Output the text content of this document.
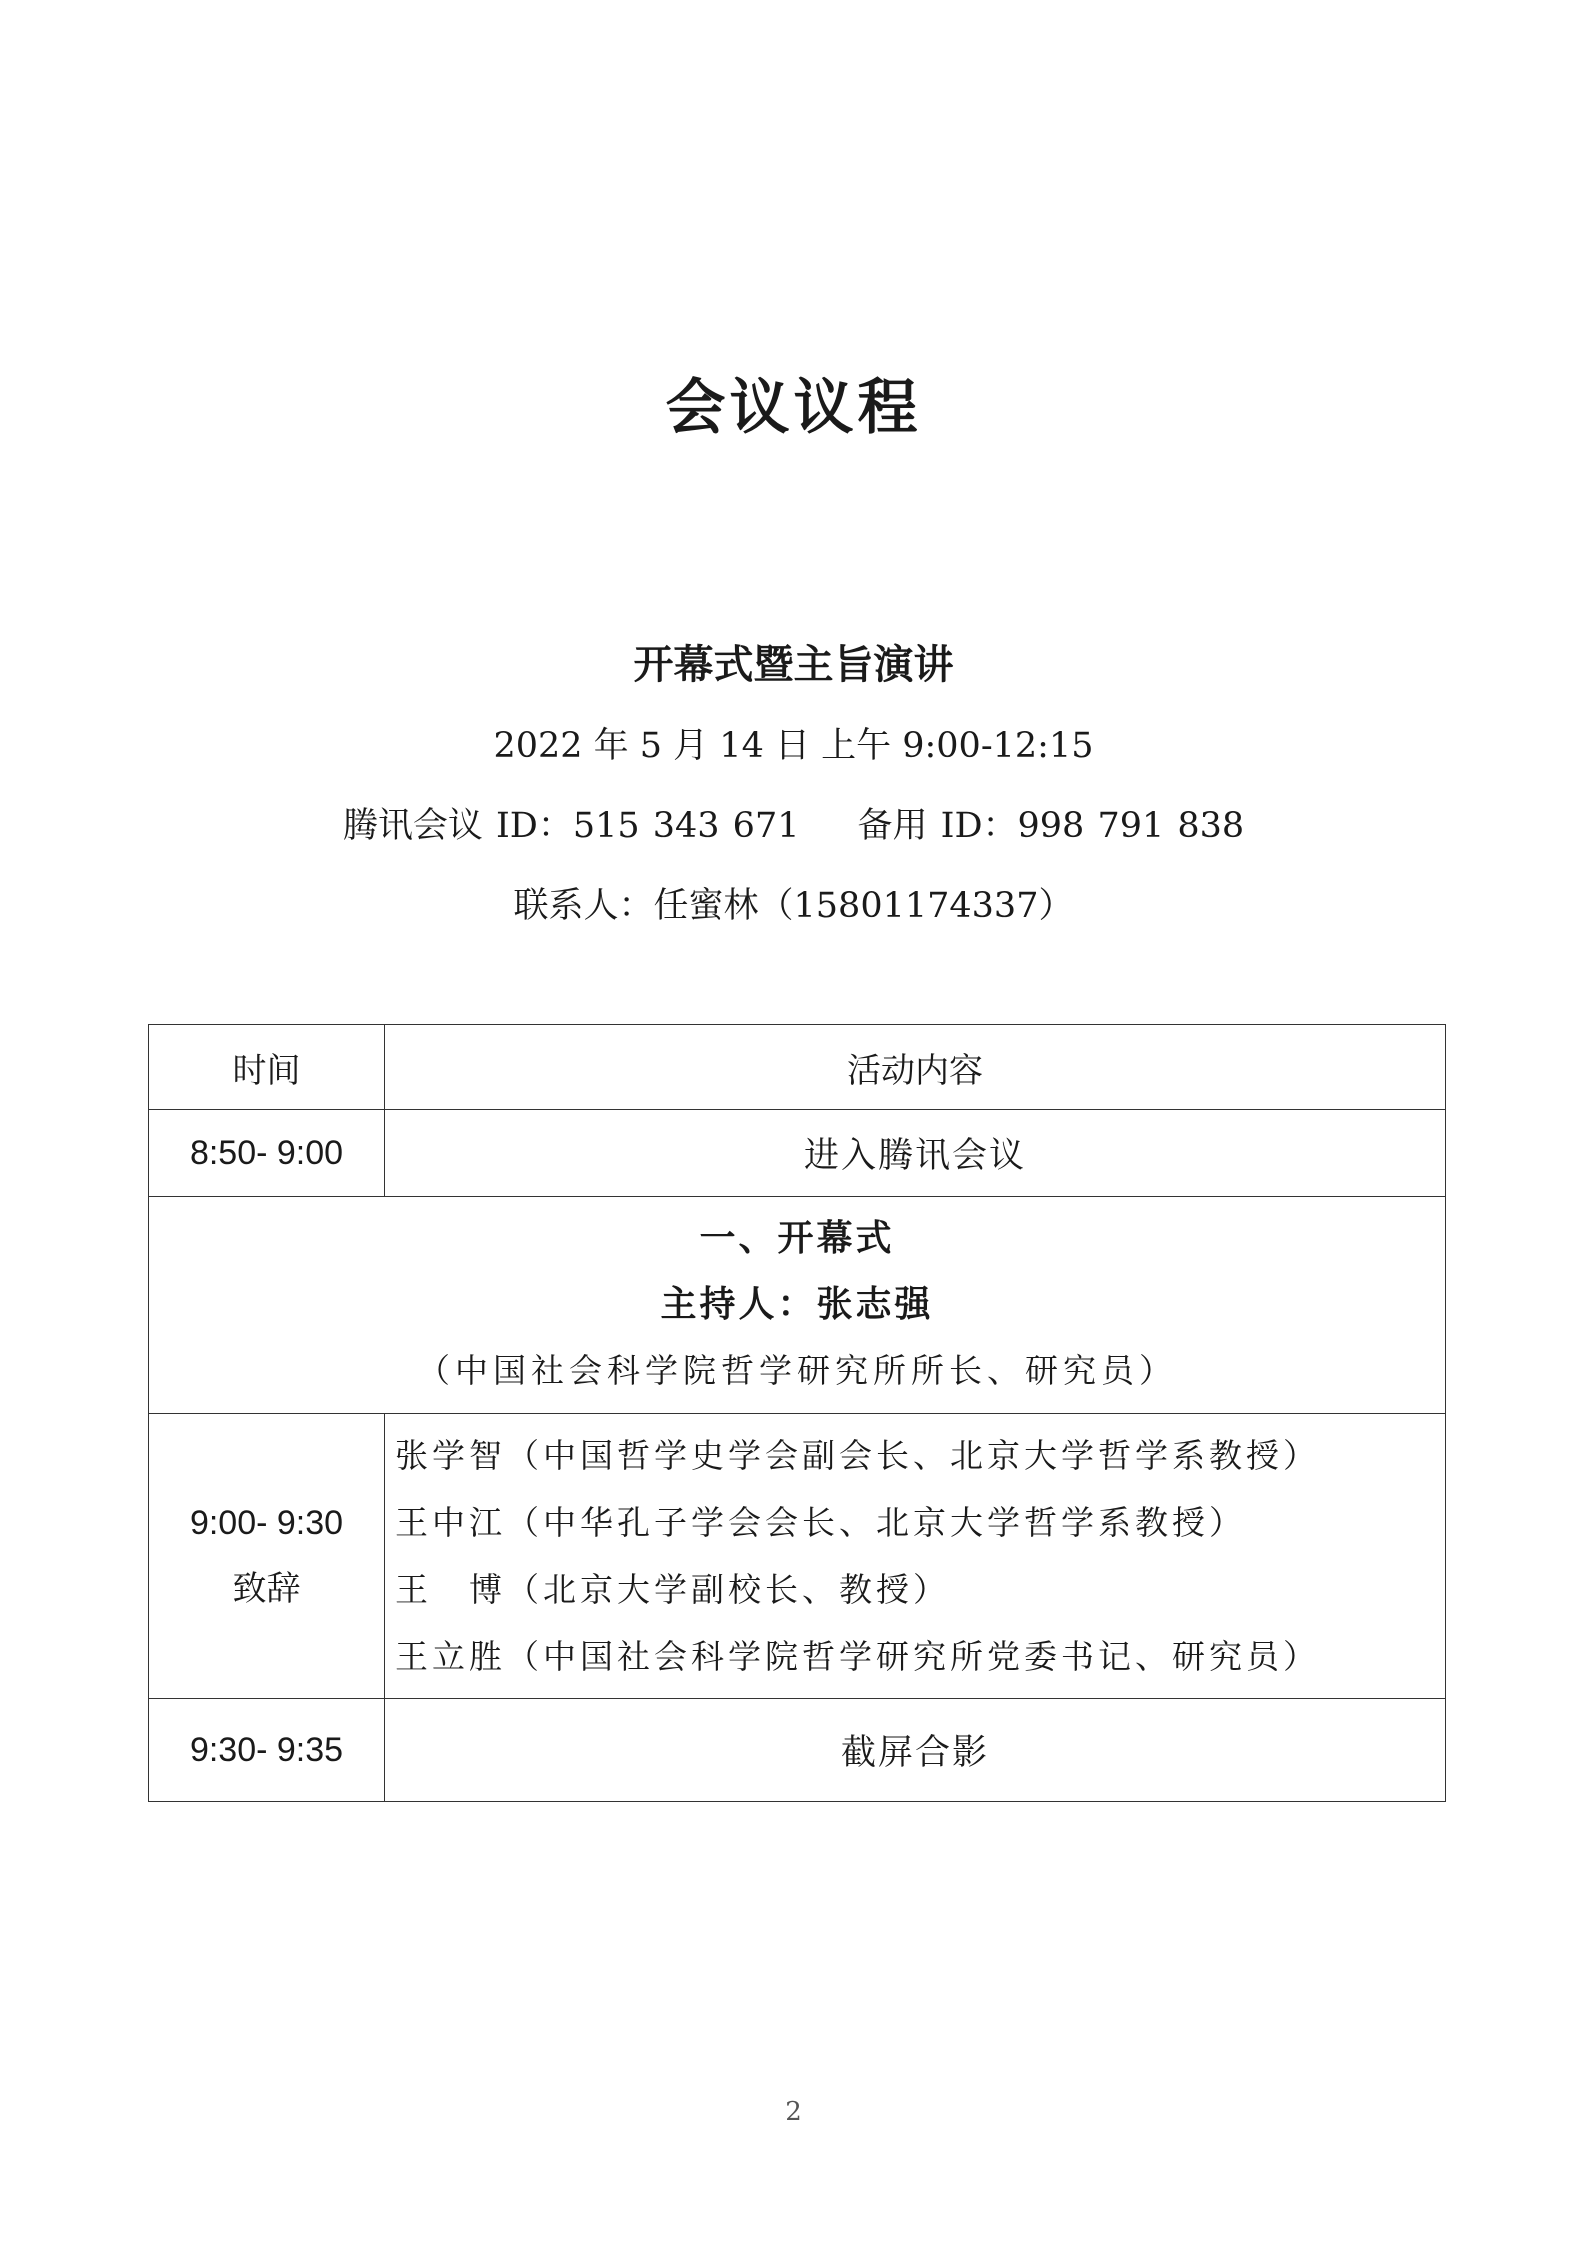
会议议程
开幕式暨主旨演讲

2022 年 5 月 14 日 上午 9:00-12:15

腾讯会议 ID：515 343 671 备用 ID：998 791 838

联系人：任蜜林（15801174337）

时间	活动内容
8:50- 9:00	进入腾讯会议

一、开幕式
主持人：张志强
（中国社会科学院哲学研究所所长、研究员）	

9:00- 9:30
致辞	张学智（中国哲学史学会副会长、北京大学哲学系教授）
王中江（中华孔子学会会长、北京大学哲学系教授）
王　博（北京大学副校长、教授）
王立胜（中国社会科学院哲学研究所党委书记、研究员）

9:30- 9:35	截屏合影

2
